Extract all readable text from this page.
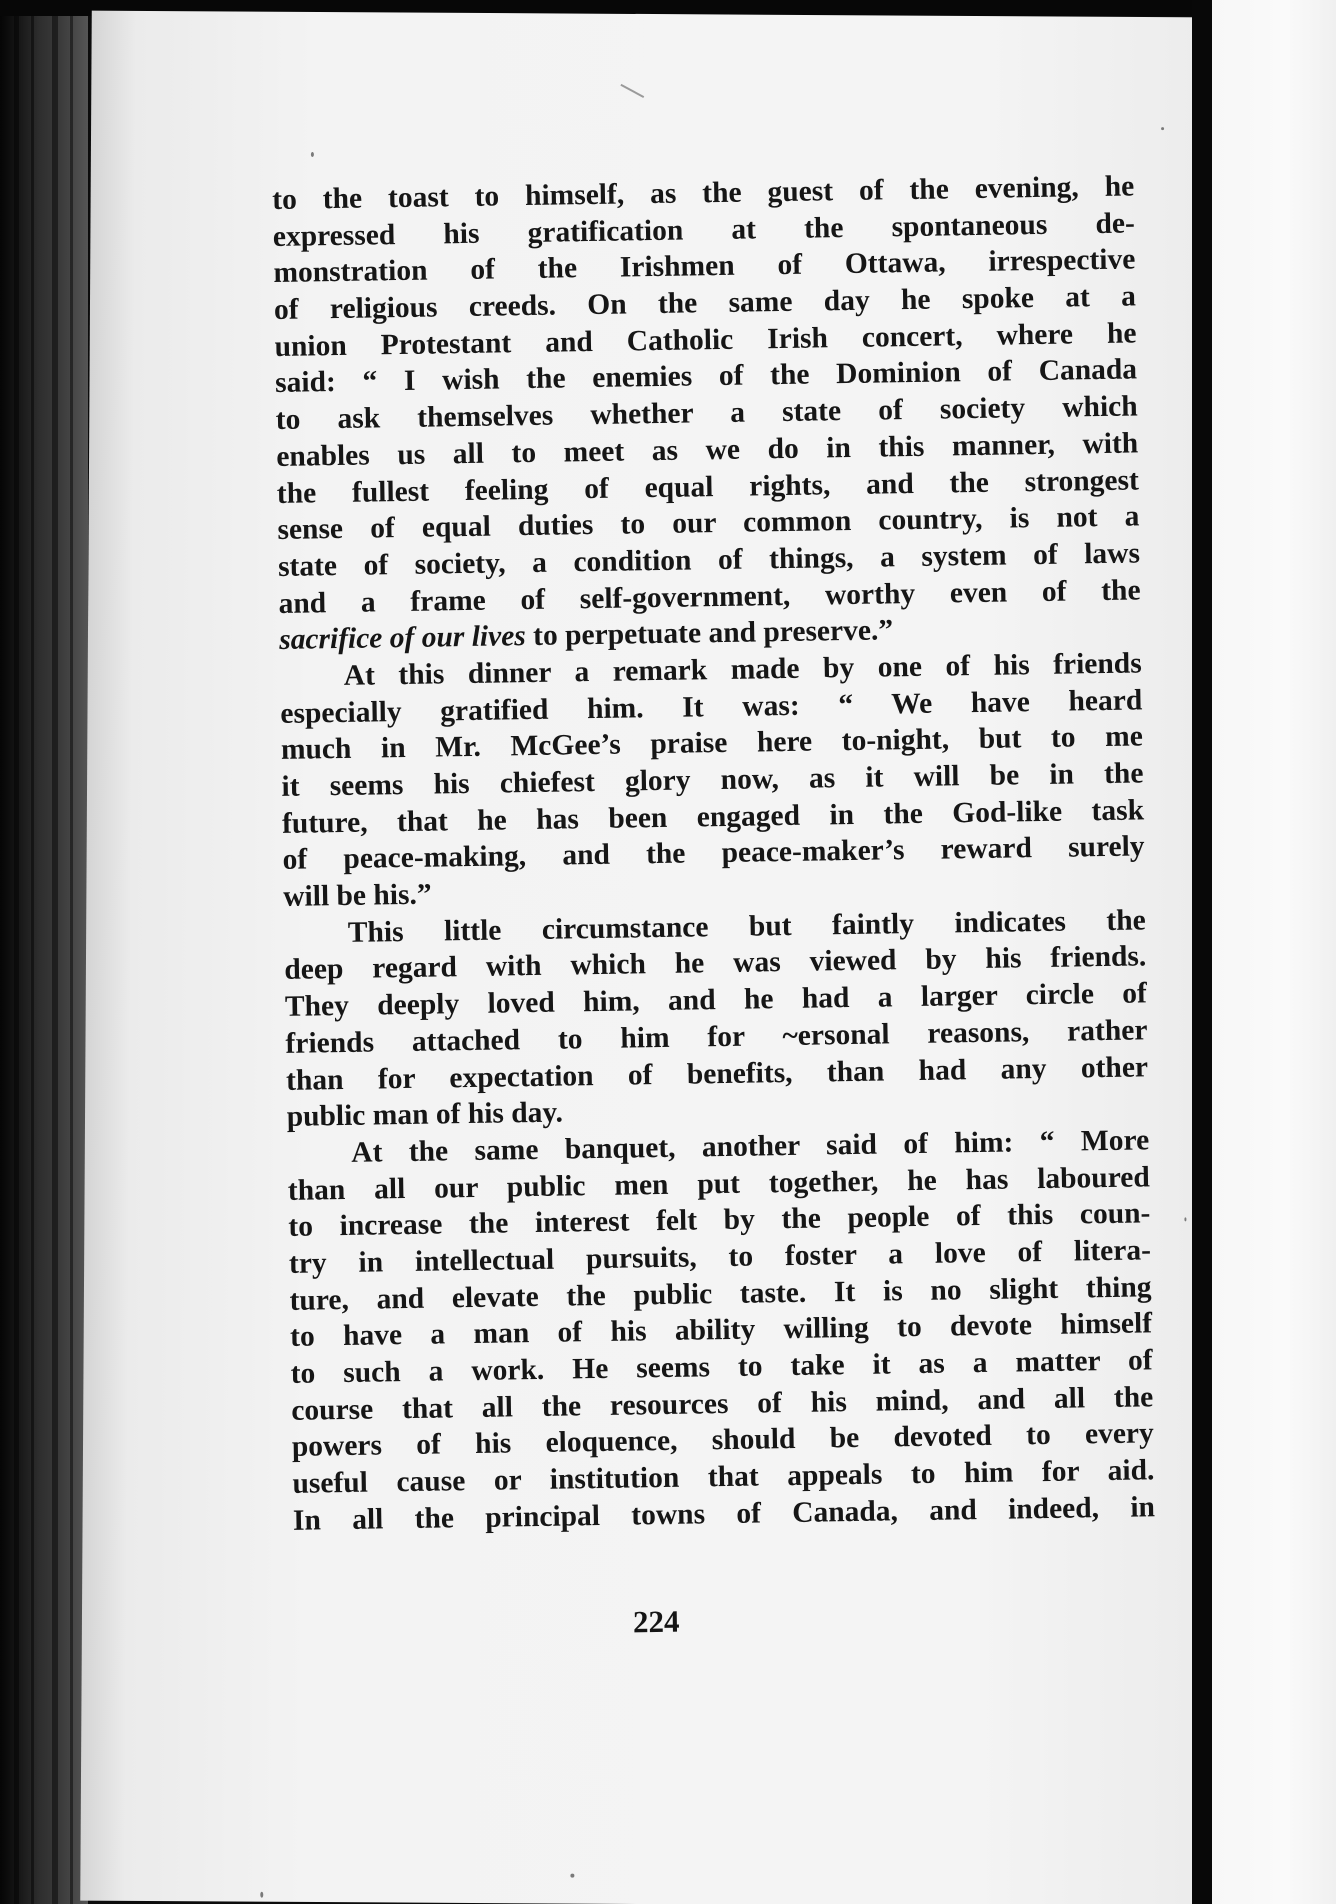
to the toast to himself, as the guest of the evening, he
expressed his gratification at the spontaneous de-
monstration of the Irishmen of Ottawa, irrespective
of religious creeds. On the same day he spoke at a
union Protestant and Catholic Irish concert, where he
said: “ I wish the enemies of the Dominion of Canada
to ask themselves whether a state of society which
enables us all to meet as we do in this manner, with
the fullest feeling of equal rights, and the strongest
sense of equal duties to our common country, is not a
state of society, a condition of things, a system of laws
and a frame of self-government, worthy even of the
sacrifice of our lives to perpetuate and preserve.”
At this dinner a remark made by one of his friends
especially gratified him. It was: “ We have heard
much in Mr. McGee’s praise here to-night, but to me
it seems his chiefest glory now, as it will be in the
future, that he has been engaged in the God-like task
of peace-making, and the peace-maker’s reward surely
will be his.”
This little circumstance but faintly indicates the
deep regard with which he was viewed by his friends.
They deeply loved him, and he had a larger circle of
friends attached to him for ~ersonal reasons, rather
than for expectation of benefits, than had any other
public man of his day.
At the same banquet, another said of him: “ More
than all our public men put together, he has laboured
to increase the interest felt by the people of this coun-
try in intellectual pursuits, to foster a love of litera-
ture, and elevate the public taste. It is no slight thing
to have a man of his ability willing to devote himself
to such a work. He seems to take it as a matter of
course that all the resources of his mind, and all the
powers of his eloquence, should be devoted to every
useful cause or institution that appeals to him for aid.
In all the principal towns of Canada, and indeed, in
224
